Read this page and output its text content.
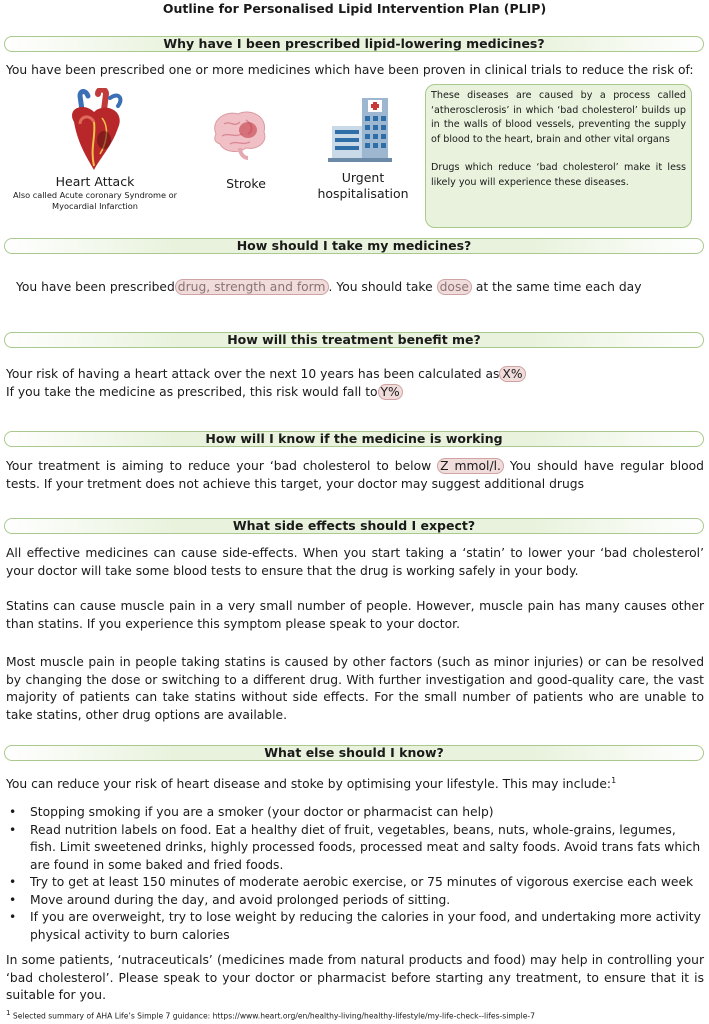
Outline for Personalised Lipid Intervention Plan (PLIP)
Why have I been prescribed lipid-lowering medicines?
You have been prescribed one or more medicines which have been proven in clinical trials to reduce the risk of:
Heart Attack
Also called Acute coronary Syndrome or Myocardial Infarction
Stroke	Urgent hospitalisation
These diseases are caused by a process called ‘atherosclerosis’ in which ‘bad cholesterol’ builds up in the walls of blood vessels, preventing the supply of blood to the heart, brain and other vital organs
Drugs which reduce ‘bad cholesterol’ make it less likely you will experience these diseases.
How should I take my medicines?
You have been prescribed drug, strength and form . You should take dose at the same time each day
How will this treatment benefit me?
Your risk of having a heart attack over the next 10 years has been calculated as X%
If you take the medicine as prescribed, this risk would fall to Y%
How will I know if the medicine is working
Your treatment is aiming to reduce your ‘bad cholesterol to below Z mmol/l. You should have regular blood tests. If your tretment does not achieve this target, your doctor may suggest additional drugs
What side effects should I expect?
All effective medicines can cause side-effects. When you start taking a ‘statin’ to lower your ‘bad cholesterol’ your doctor will take some blood tests to ensure that the drug is working safely in your body.
Statins can cause muscle pain in a very small number of people. However, muscle pain has many causes other than statins. If you experience this symptom please speak to your doctor.
Most muscle pain in people taking statins is caused by other factors (such as minor injuries) or can be resolved by changing the dose or switching to a different drug. With further investigation and good-quality care, the vast majority of patients can take statins without side effects. For the small number of patients who are unable to take statins, other drug options are available.
What else should I know?
You can reduce your risk of heart disease and stoke by optimising your lifestyle. This may include:$^1$
• Stopping smoking if you are a smoker (your doctor or pharmacist can help)
• Read nutrition labels on food. Eat a healthy diet of fruit, vegetables, beans, nuts, whole-grains, legumes, fish. Limit sweetened drinks, highly processed foods, processed meat and salty foods. Avoid trans fats which are found in some baked and fried foods.
• Try to get at least 150 minutes of moderate aerobic exercise, or 75 minutes of vigorous exercise each week
• Move around during the day, and avoid prolonged periods of sitting.
• If you are overweight, try to lose weight by reducing the calories in your food, and undertaking more activity physical activity to burn calories
In some patients, ‘nutraceuticals’ (medicines made from natural products and food) may help in controlling your ‘bad cholesterol’. Please speak to your doctor or pharmacist before starting any treatment, to ensure that it is suitable for you.
$^1$ Selected summary of AHA Life’s Simple 7 guidance: https://www.heart.org/en/healthy-living/healthy-lifestyle/my-life-check--lifes-simple-7
